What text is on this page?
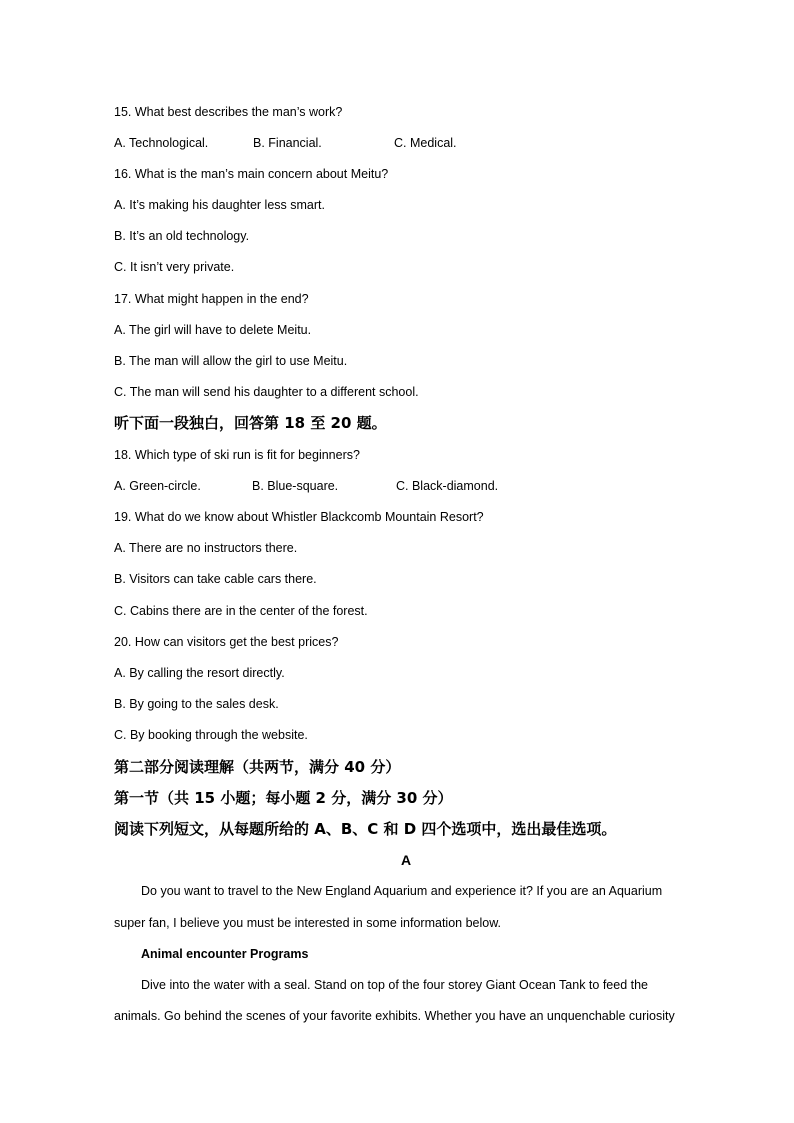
15. What best describes the man’s work?
A. Technological.	B. Financial.	C. Medical.
16. What is the man’s main concern about Meitu?
A. It’s making his daughter less smart.
B. It’s an old technology.
C. It isn’t very private.
17. What might happen in the end?
A. The girl will have to delete Meitu.
B. The man will allow the girl to use Meitu.
C. The man will send his daughter to a different school.
听下面一段独白，回答第 18 至 20 题。
18. Which type of ski run is fit for beginners?
A. Green-circle.	B. Blue-square.	C. Black-diamond.
19. What do we know about Whistler Blackcomb Mountain Resort?
A. There are no instructors there.
B. Visitors can take cable cars there.
C. Cabins there are in the center of the forest.
20. How can visitors get the best prices?
A. By calling the resort directly.
B. By going to the sales desk.
C. By booking through the website.
第二部分阅读理解（共两节，满分 40 分）
第一节（共 15 小题；每小题 2 分，满分 30 分）
阅读下列短文，从每题所给的 A、B、C 和 D 四个选项中，选出最佳选项。
A
Do you want to travel to the New England Aquarium and experience it? If you are an Aquarium
super fan, I believe you must be interested in some information below.
Animal encounter Programs
Dive into the water with a seal. Stand on top of the four storey Giant Ocean Tank to feed the
animals. Go behind the scenes of your favorite exhibits. Whether you have an unquenchable curiosity
